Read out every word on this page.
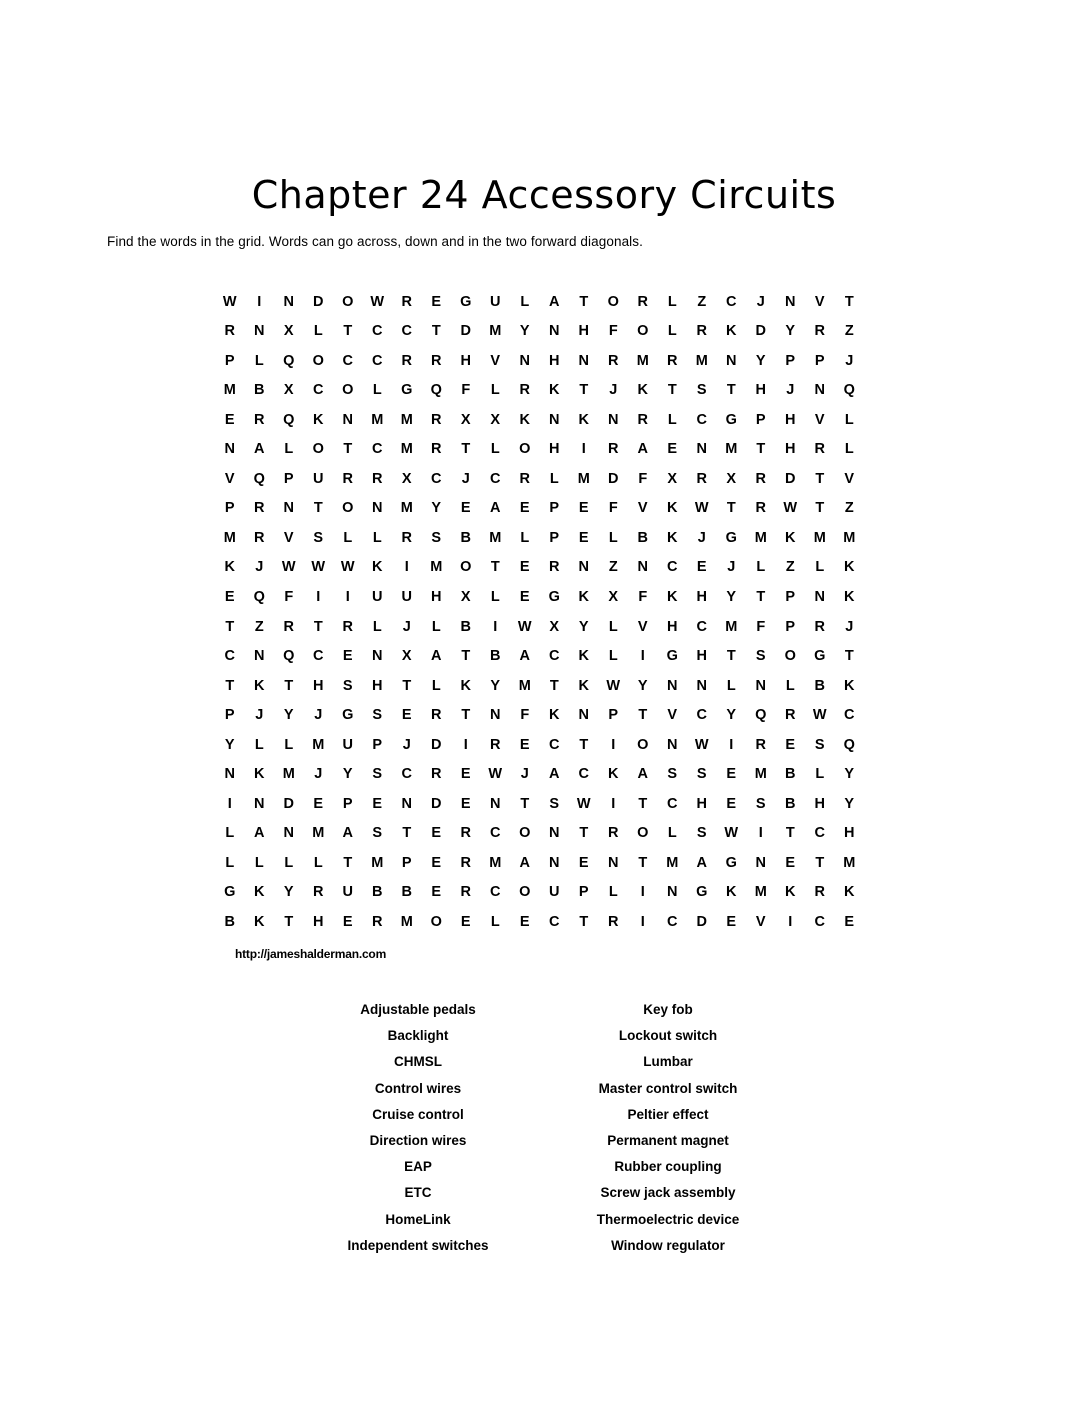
Chapter 24 Accessory Circuits
Find the words in the grid. Words can go across, down and in the two forward diagonals.
W	I	N	D	O	W	R	E	G	U	L	A	T	O	R	L	Z	C	J	N	V	T
R	N	X	L	T	C	C	T	D	M	Y	N	H	F	O	L	R	K	D	Y	R	Z
P	L	Q	O	C	C	R	R	H	V	N	H	N	R	M	R	M	N	Y	P	P	J
M	B	X	C	O	L	G	Q	F	L	R	K	T	J	K	T	S	T	H	J	N	Q
E	R	Q	K	N	M	M	R	X	X	K	N	K	N	R	L	C	G	P	H	V	L
N	A	L	O	T	C	M	R	T	L	O	H	I	R	A	E	N	M	T	H	R	L
V	Q	P	U	R	R	X	C	J	C	R	L	M	D	F	X	R	X	R	D	T	V
P	R	N	T	O	N	M	Y	E	A	E	P	E	F	V	K	W	T	R	W	T	Z
M	R	V	S	L	L	R	S	B	M	L	P	E	L	B	K	J	G	M	K	M	M
K	J	W	W	W	K	I	M	O	T	E	R	N	Z	N	C	E	J	L	Z	L	K
E	Q	F	I	I	U	U	H	X	L	E	G	K	X	F	K	H	Y	T	P	N	K
T	Z	R	T	R	L	J	L	B	I	W	X	Y	L	V	H	C	M	F	P	R	J
C	N	Q	C	E	N	X	A	T	B	A	C	K	L	I	G	H	T	S	O	G	T
T	K	T	H	S	H	T	L	K	Y	M	T	K	W	Y	N	N	L	N	L	B	K
P	J	Y	J	G	S	E	R	T	N	F	K	N	P	T	V	C	Y	Q	R	W	C
Y	L	L	M	U	P	J	D	I	R	E	C	T	I	O	N	W	I	R	E	S	Q
N	K	M	J	Y	S	C	R	E	W	J	A	C	K	A	S	S	E	M	B	L	Y
I	N	D	E	P	E	N	D	E	N	T	S	W	I	T	C	H	E	S	B	H	Y
L	A	N	M	A	S	T	E	R	C	O	N	T	R	O	L	S	W	I	T	C	H
L	L	L	L	T	M	P	E	R	M	A	N	E	N	T	M	A	G	N	E	T	M
G	K	Y	R	U	B	B	E	R	C	O	U	P	L	I	N	G	K	M	K	R	K
B	K	T	H	E	R	M	O	E	L	E	C	T	R	I	C	D	E	V	I	C	E
http://jameshalderman.com
Adjustable pedals
Backlight
CHMSL
Control wires
Cruise control
Direction wires
EAP
ETC
HomeLink
Independent switches
Key fob
Lockout switch
Lumbar
Master control switch
Peltier effect
Permanent magnet
Rubber coupling
Screw jack assembly
Thermoelectric device
Window regulator
